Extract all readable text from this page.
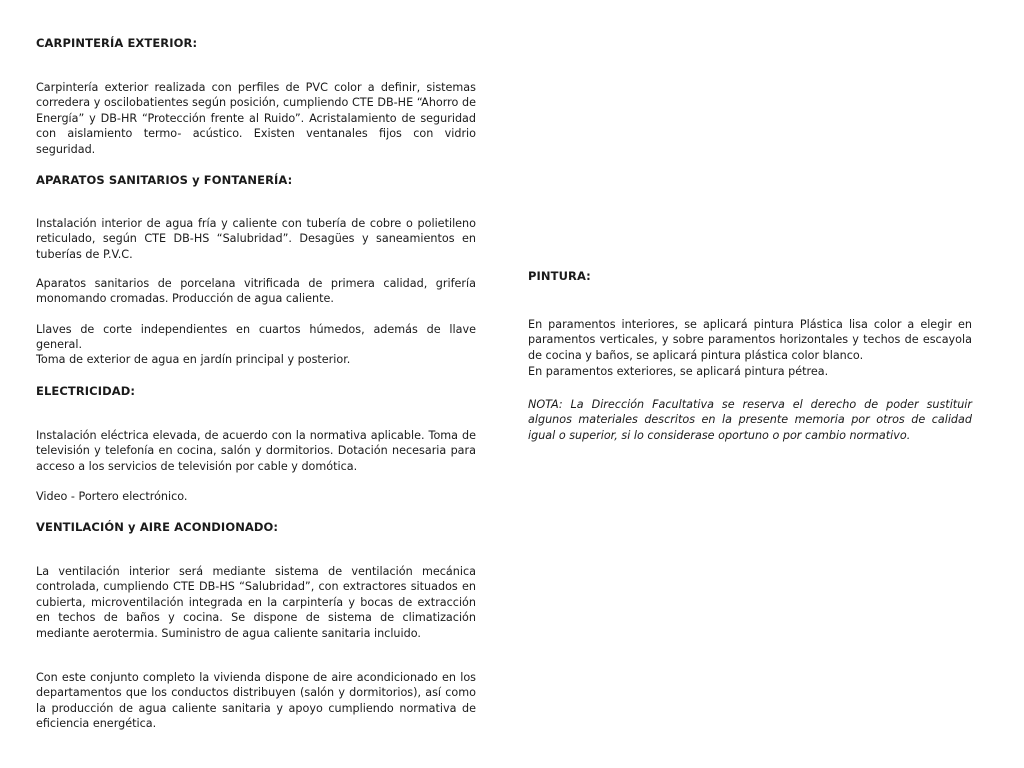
CARPINTERÍA EXTERIOR:

Carpintería exterior realizada con perfiles de PVC color a definir, sistemas corredera y oscilobatientes según posición, cumpliendo CTE DB-HE “Ahorro de Energía” y DB-HR “Protección frente al Ruido”. Acristalamiento de seguridad con aislamiento termo- acústico. Existen ventanales fijos con vidrio seguridad.

APARATOS SANITARIOS y FONTANERÍA:

Instalación interior de agua fría y caliente con tubería de cobre o polietileno reticulado, según CTE DB-HS “Salubridad”. Desagües y saneamientos en tuberías de P.V.C.

Aparatos sanitarios de porcelana vitrificada de primera calidad, grifería monomando cromadas. Producción de agua caliente.

Llaves de corte independientes en cuartos húmedos, además de llave general.

Toma de exterior de agua en jardín principal y posterior.

ELECTRICIDAD:

Instalación eléctrica elevada, de acuerdo con la normativa aplicable. Toma de televisión y telefonía en cocina, salón y dormitorios. Dotación necesaria para acceso a los servicios de televisión por cable y domótica.

Video - Portero electrónico.

VENTILACIÓN y AIRE ACONDIONADO:

La ventilación interior será mediante sistema de ventilación mecánica controlada, cumpliendo CTE DB-HS “Salubridad”, con extractores situados en cubierta, microventilación integrada en la carpintería y bocas de extracción en techos de baños y cocina. Se dispone de sistema de climatización mediante aerotermia. Suministro de agua caliente sanitaria incluido.

Con este conjunto completo la vivienda dispone de aire acondicionado en los departamentos que los conductos distribuyen (salón y dormitorios), así como la producción de agua caliente sanitaria y apoyo cumpliendo normativa de eficiencia energética.

PINTURA:

En paramentos interiores, se aplicará pintura Plástica lisa color a elegir en paramentos verticales, y sobre paramentos horizontales y techos de escayola de cocina y baños, se aplicará pintura plástica color blanco.

En paramentos exteriores, se aplicará pintura pétrea.

NOTA: La Dirección Facultativa se reserva el derecho de poder sustituir algunos materiales descritos en la presente memoria por otros de calidad igual o superior, si lo considerase oportuno o por cambio normativo.
